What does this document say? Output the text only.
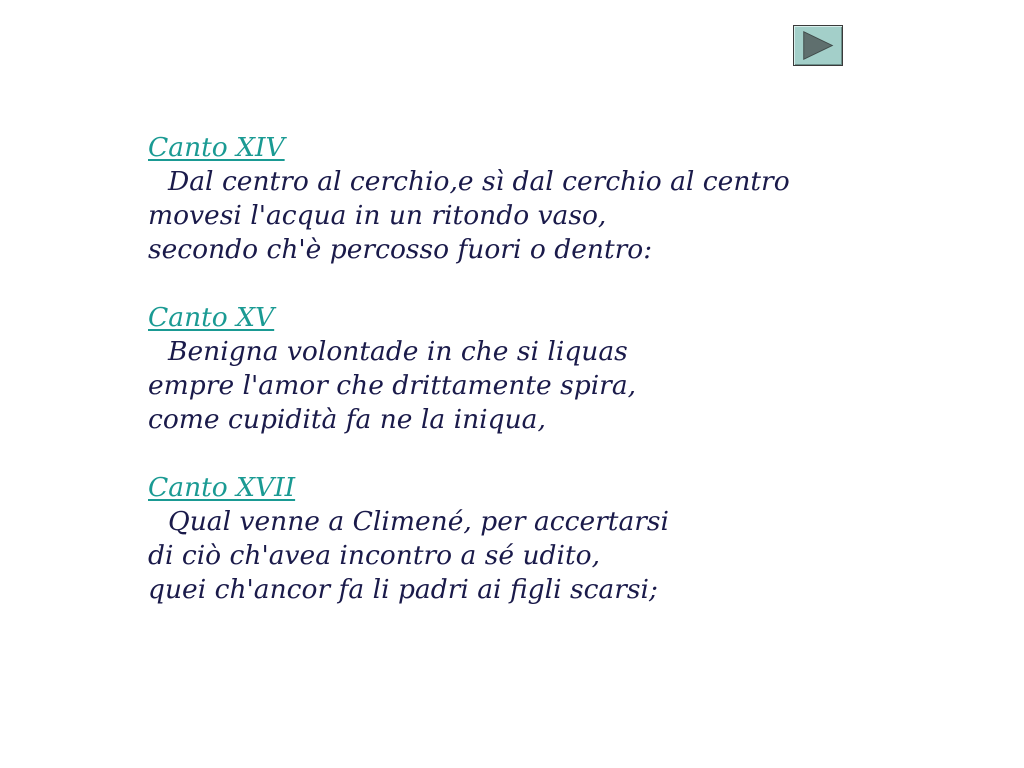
Canto XIV
Dal centro al cerchio,e sì dal cerchio al centro
movesi l'acqua in un ritondo vaso,
secondo ch'è percosso fuori o dentro:
Canto XV
Benigna volontade in che si liquas
empre l'amor che drittamente spira,
come cupidità fa ne la iniqua,
Canto XVII
Qual venne a Climené, per accertarsi
di ciò ch'avea incontro a sé udito,
quei ch'ancor fa li padri ai figli scarsi;
